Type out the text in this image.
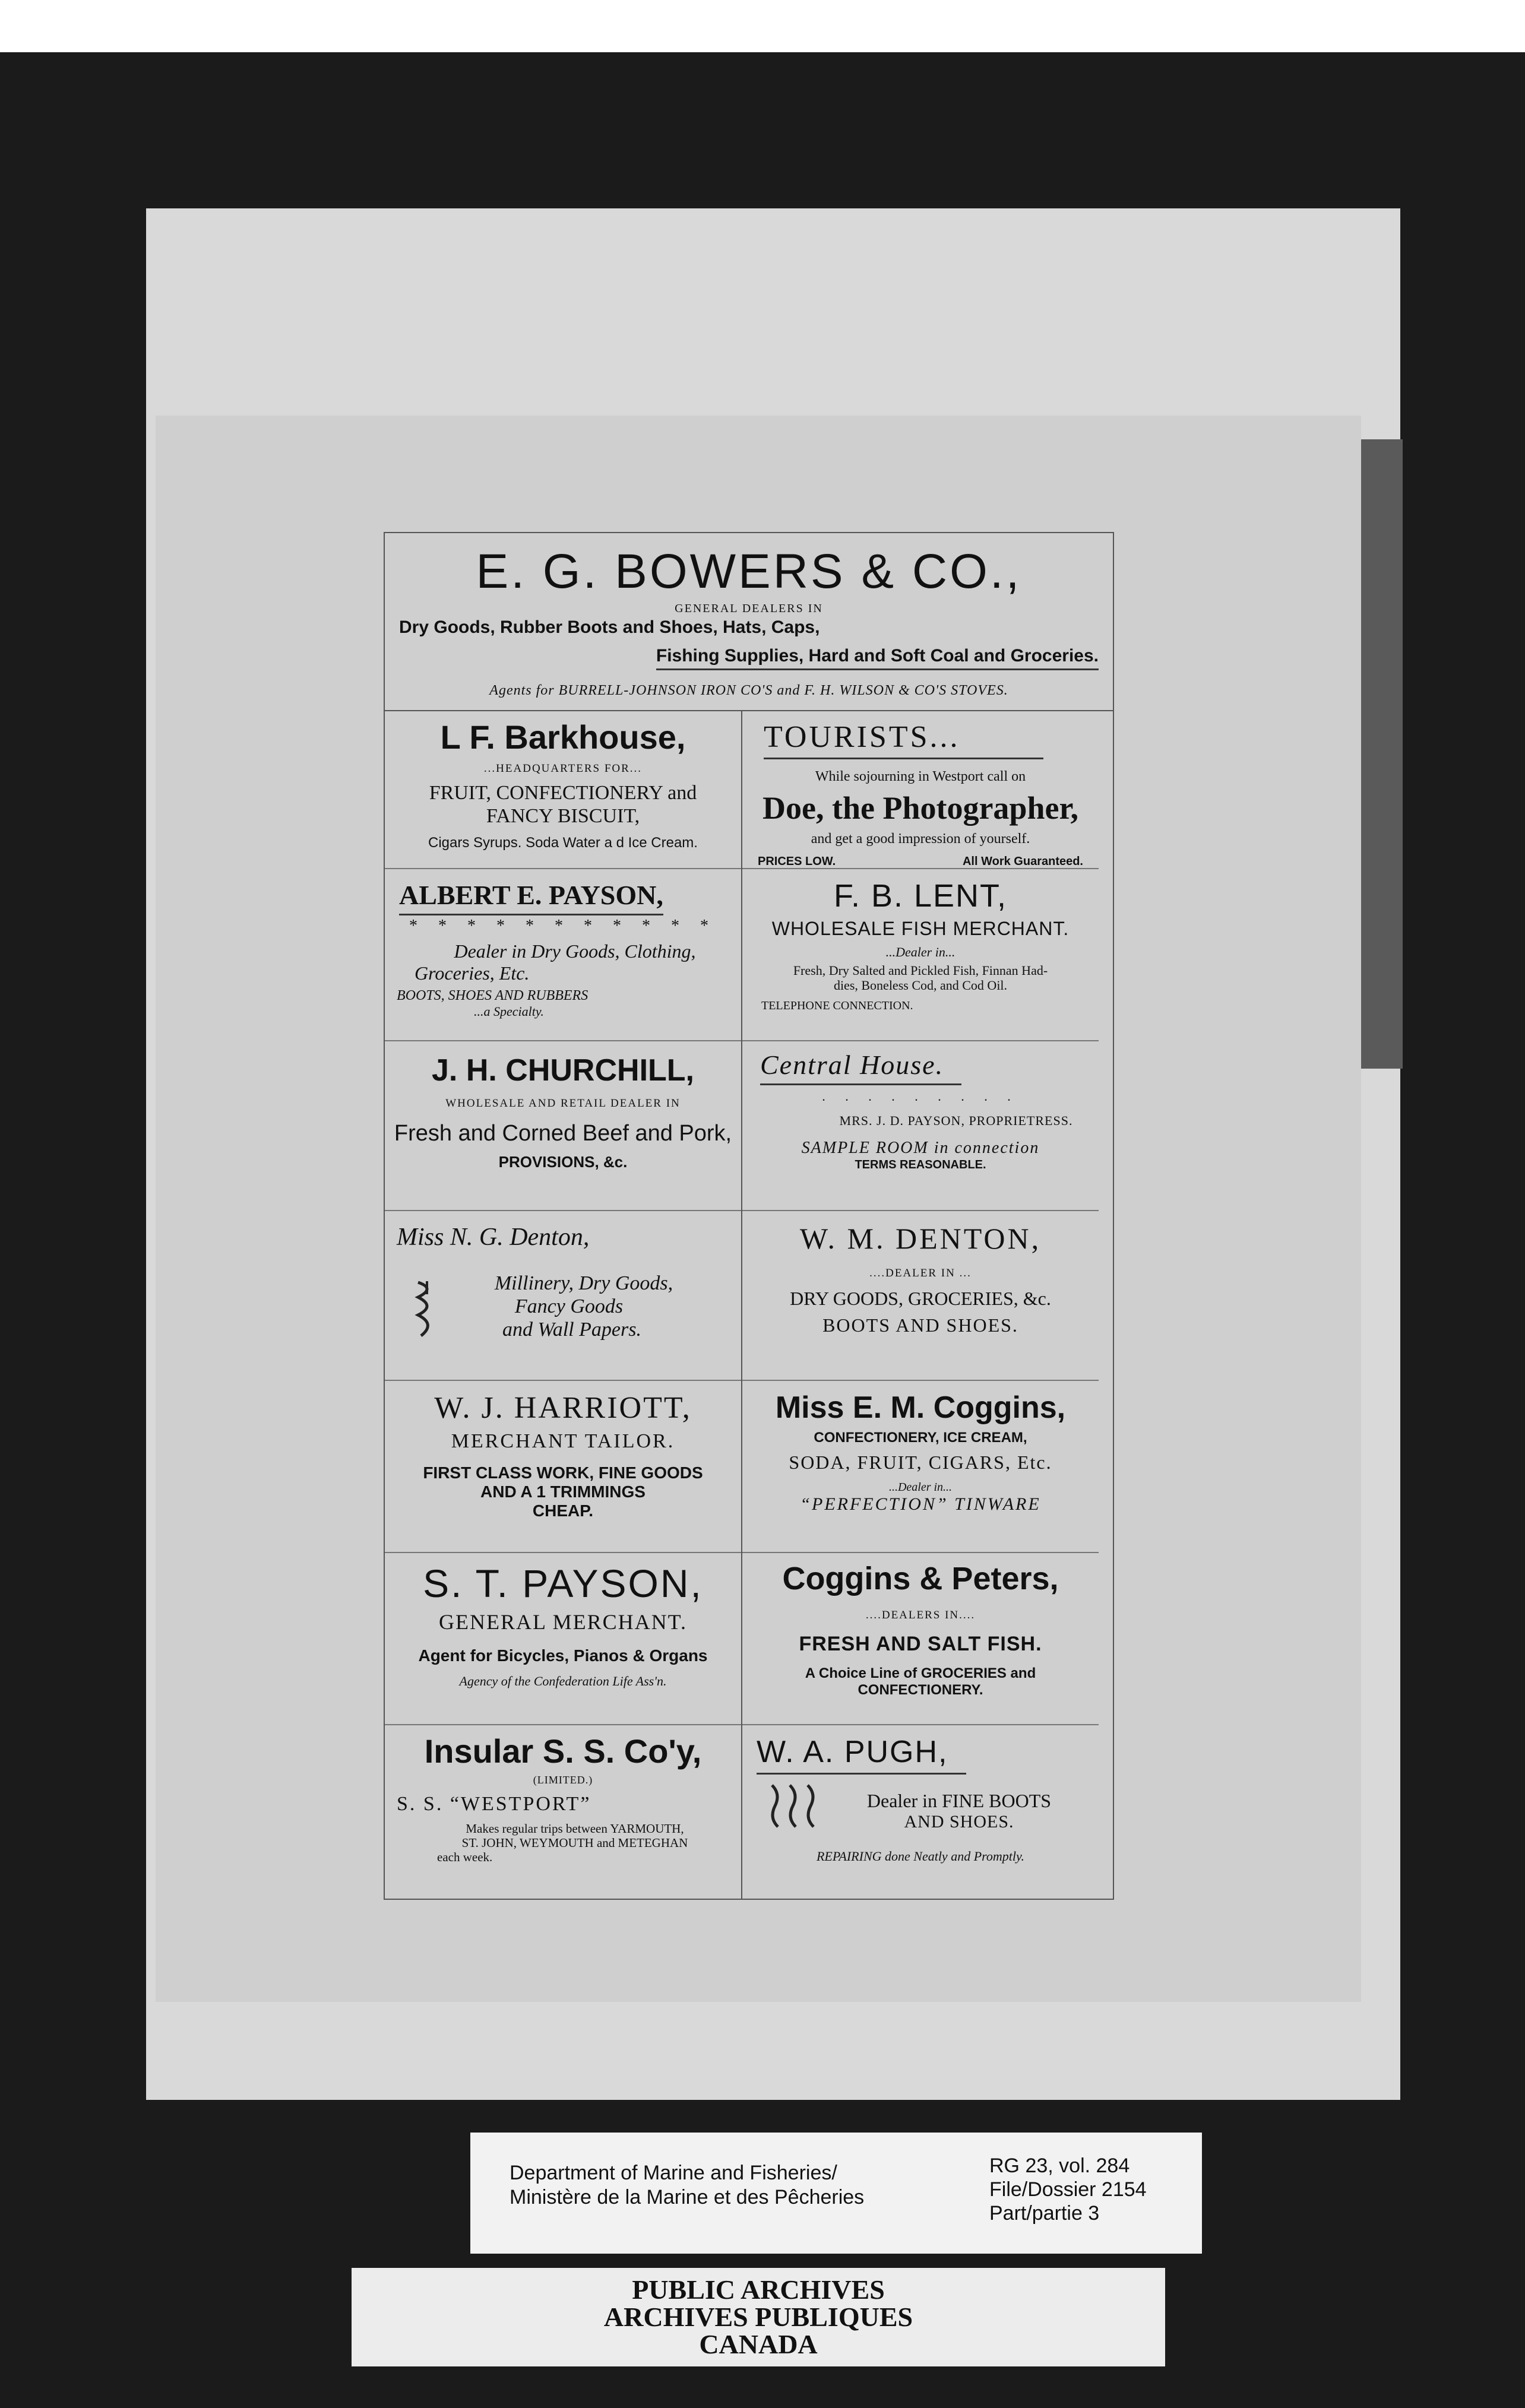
E. G. BOWERS & CO.,
GENERAL DEALERS IN
Dry Goods, Rubber Boots and Shoes, Hats, Caps,
Fishing Supplies, Hard and Soft Coal and Groceries.
Agents for BURRELL-JOHNSON IRON CO'S and F. H. WILSON & CO'S STOVES.
L F. Barkhouse,
...HEADQUARTERS FOR...
FRUIT, CONFECTIONERY and
FANCY BISCUIT,
Cigars Syrups. Soda Water a d Ice Cream.
ALBERT E. PAYSON,
* * * * * * * * * * *
Dealer in Dry Goods, Clothing,
Groceries, Etc.
BOOTS, SHOES AND RUBBERS
...a Specialty.
J. H. CHURCHILL,
WHOLESALE AND RETAIL DEALER IN
Fresh and Corned Beef and Pork,
PROVISIONS, &c.
Miss N. G. Denton,
Millinery, Dry Goods,
Fancy Goods
and Wall Papers.
W. J. HARRIOTT,
MERCHANT TAILOR.
FIRST CLASS WORK, FINE GOODS
AND A 1 TRIMMINGS
CHEAP.
S. T. PAYSON,
GENERAL MERCHANT.
Agent for Bicycles, Pianos & Organs
Agency of the Confederation Life Ass'n.
Insular S. S. Co'y,
(LIMITED.)
S. S. “WESTPORT”
Makes regular trips between YARMOUTH,
ST. JOHN, WEYMOUTH and METEGHAN
each week.
TOURISTS...
While sojourning in Westport call on
Doe, the Photographer,
and get a good impression of yourself.
PRICES LOW.	All Work Guaranteed.
F. B. LENT,
WHOLESALE FISH MERCHANT.
...Dealer in...
Fresh, Dry Salted and Pickled Fish, Finnan Had-
dies, Boneless Cod, and Cod Oil.
TELEPHONE CONNECTION.
Central House.
. . . . . . . . .
MRS. J. D. PAYSON, PROPRIETRESS.
SAMPLE ROOM in connection
TERMS REASONABLE.
W. M. DENTON,
....DEALER IN ...
DRY GOODS, GROCERIES, &c.
BOOTS AND SHOES.
Miss E. M. Coggins,
CONFECTIONERY, ICE CREAM,
SODA, FRUIT, CIGARS, Etc.
...Dealer in...
“PERFECTION” TINWARE
Coggins & Peters,
....DEALERS IN....
FRESH AND SALT FISH.
A Choice Line of GROCERIES and
CONFECTIONERY.
W. A. PUGH,
Dealer in FINE BOOTS
AND SHOES.
REPAIRING done Neatly and Promptly.
Department of Marine and Fisheries/
Ministère de la Marine et des Pêcheries
RG 23, vol. 284
File/Dossier 2154
Part/partie 3
PUBLIC ARCHIVES
ARCHIVES PUBLIQUES
CANADA
